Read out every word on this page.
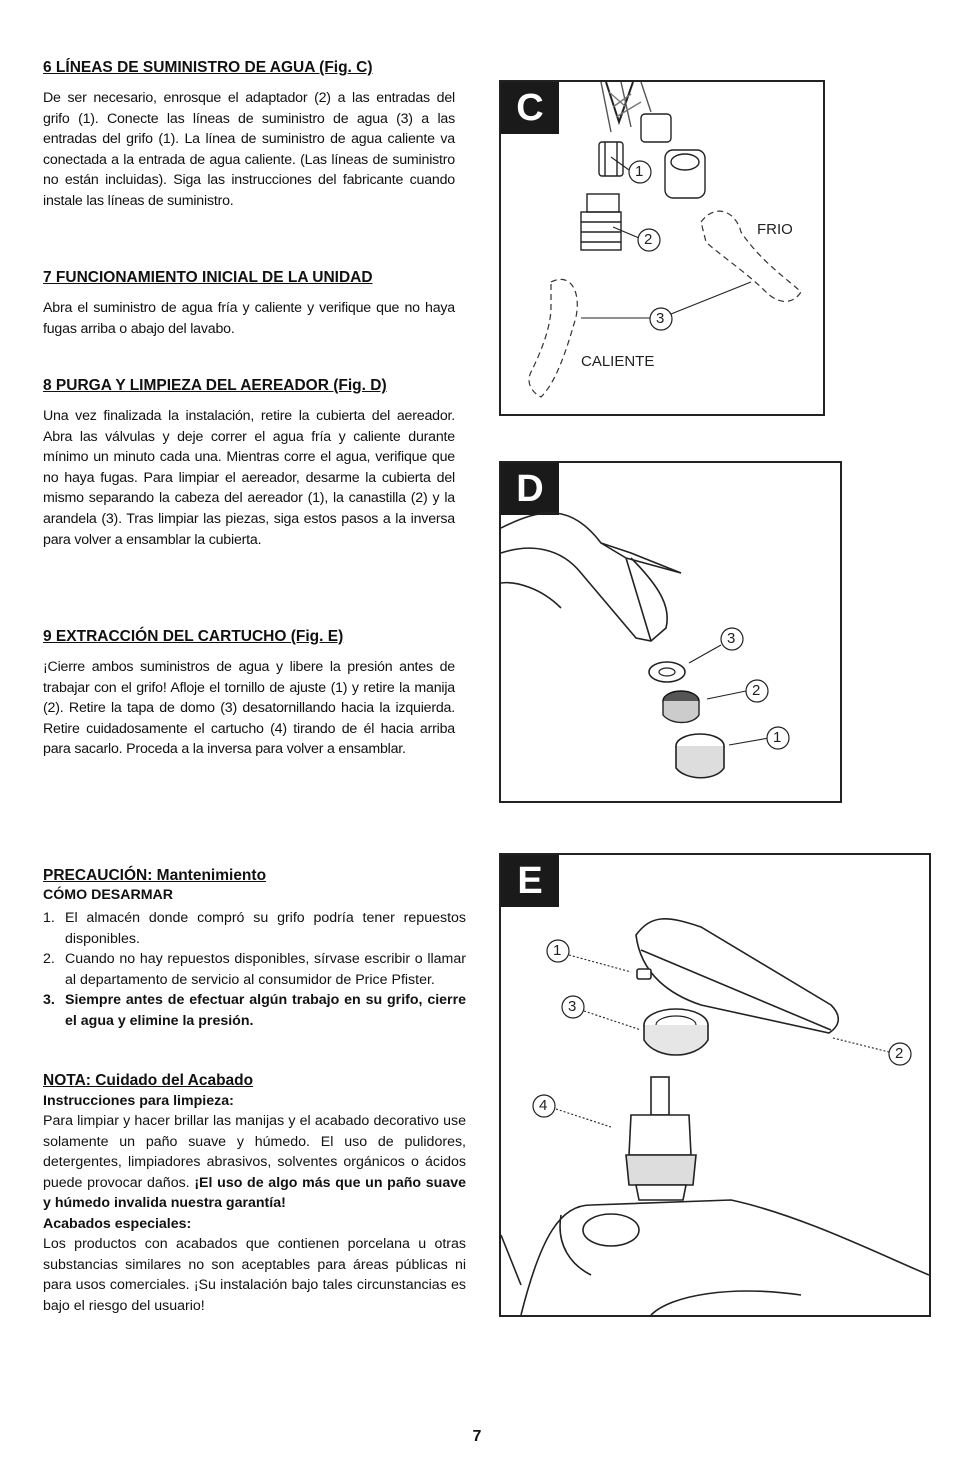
6 LÍNEAS DE SUMINISTRO DE AGUA (Fig. C)

De ser necesario, enrosque el adaptador (2) a las entradas del grifo (1). Conecte las líneas de suministro de agua (3) a las entradas del grifo (1). La línea de suministro de agua caliente va conectada a la entrada de agua caliente. (Las líneas de suministro no están incluidas). Siga las instrucciones del fabricante cuando instale las líneas de suministro.

7 FUNCIONAMIENTO INICIAL DE LA UNIDAD

Abra el suministro de agua fría y caliente y verifique que no haya fugas arriba o abajo del lavabo.

8 PURGA Y LIMPIEZA DEL AEREADOR (Fig. D)

Una vez finalizada la instalación, retire la cubierta del aereador. Abra las válvulas y deje correr el agua fría y caliente durante mínimo un minuto cada una. Mientras corre el agua, verifique que no haya fugas. Para limpiar el aereador, desarme la cubierta del mismo separando la cabeza del aereador (1), la canastilla (2) y la arandela (3). Tras limpiar las piezas, siga estos pasos a la inversa para volver a ensamblar la cubierta.

9 EXTRACCIÓN DEL CARTUCHO (Fig. E)

¡Cierre ambos suministros de agua y libere la presión antes de trabajar con el grifo! Afloje el tornillo de ajuste (1) y retire la manija (2). Retire la tapa de domo (3) desatornillando hacia la izquierda. Retire cuidadosamente el cartucho (4) tirando de él hacia arriba para sacarlo. Proceda a la inversa para volver a ensamblar.

PRECAUCIÓN: Mantenimiento

CÓMO DESARMAR
1. El almacén donde compró su grifo podría tener repuestos disponibles.
2. Cuando no hay repuestos disponibles, sírvase escribir o llamar al departamento de servicio al consumidor de Price Pfister.
3. Siempre antes de efectuar algún trabajo en su grifo, cierre el agua y elimine la presión.

NOTA: Cuidado del Acabado

Instrucciones para limpieza:
Para limpiar y hacer brillar las manijas y el acabado decorativo use solamente un paño suave y húmedo. El uso de pulidores, detergentes, limpiadores abrasivos, solventes orgánicos o ácidos puede provocar daños. ¡El uso de algo más que un paño suave y húmedo invalida nuestra garantía!
Acabados especiales:
Los productos con acabados que contienen porcelana u otras substancias similares no son aceptables para áreas públicas ni para usos comerciales. ¡Su instalación bajo tales circunstancias es bajo el riesgo del usuario!
C
1
2
3
FRIO
CALIENTE
D
3
2
1
E
1
3
2
4
7
